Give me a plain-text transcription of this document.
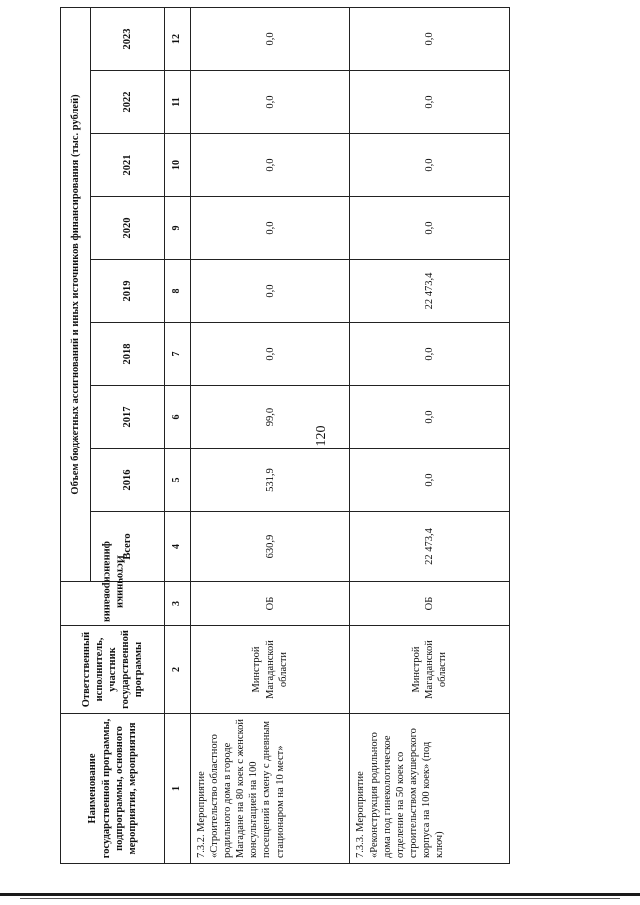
120
Наименование государственной программы, подпрограммы, основного мероприятия, мероприятия	Ответственный исполнитель, участник государственной программы	Источники финансирования	Объем бюджетных ассигнований и иных источников финансирования (тыс. рублей)								
			Всего	2016	2017	2018	2019	2020	2021	2022	2023
1	2	3	4	5	6	7	8	9	10	11	12
7.3.2. Мероприятие «Строительство областного родильного дома в городе Магадане на 80 коек с женской консультацией на 100 посещений в смену с дневным стационаром на 10 мест»	Минстрой Магаданской области	ОБ	630,9	531,9	99,0	0,0	0,0	0,0	0,0	0,0	0,0
7.3.3. Мероприятие «Реконструкция родильного дома под гинекологическое отделение на 50 коек со строительством акушерского корпуса на 100 коек» (под ключ)	Минстрой Магаданской области	ОБ	22 473,4	0,0	0,0	0,0	22 473,4	0,0	0,0	0,0	0,0
